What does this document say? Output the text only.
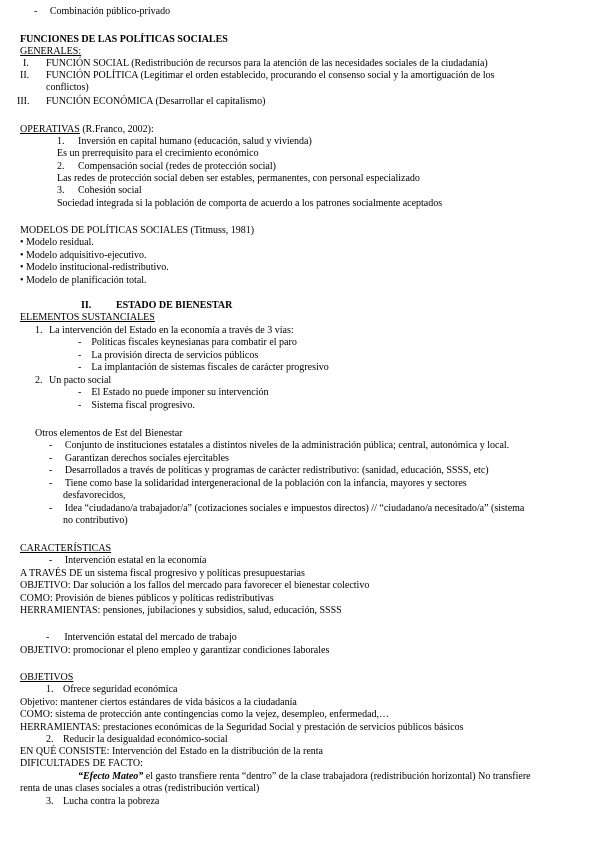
-     Combinación público-privado
FUNCIONES DE LAS POLÍTICAS SOCIALES
GENERALES:
I. FUNCIÓN SOCIAL (Redistribución de recursos para la atención de las necesidades sociales de la ciudadanía)
II. FUNCIÓN POLÍTICA (Legitimar el orden establecido, procurando el consenso social y la amortiguación de los
conflictos)
III. FUNCIÓN ECONÓMICA (Desarrollar el capitalismo)
OPERATIVAS (R.Franco, 2002):
1. Inversión en capital humano (educación, salud y vivienda)
Es un prerrequisito para el crecimiento económico
2. Compensación social (redes de protección social)
Las redes de protección social deben ser estables, permanentes, con personal especializado
3. Cohesión social
Sociedad integrada si la población de comporta de acuerdo a los patrones socialmente aceptados
MODELOS DE POLÍTICAS SOCIALES (Titmuss, 1981)
• Modelo residual.
• Modelo adquisitivo-ejecutivo.
• Modelo institucional-redistributivo.
• Modelo de planificación total.
II. ESTADO DE BIENESTAR
ELEMENTOS SUSTANCIALES
1. La intervención del Estado en la economía a través de 3 vías:
-    Políticas fiscales keynesianas para combatir el paro
-    La provisión directa de servicios públicos
-    La implantación de sistemas fiscales de carácter progresivo
2. Un pacto social
-    El Estado no puede imponer su intervención
-    Sistema fiscal progresivo.
Otros elementos de Est del Bienestar
-     Conjunto de instituciones estatales a distintos niveles de la administración pública; central, autonómica y local.
-     Garantizan derechos sociales ejercitables
-     Desarrollados a través de políticas y programas de carácter redistributivo: (sanidad, educación, SSSS, etc)
-     Tiene como base la solidaridad intergeneracional de la población con la infancia, mayores y sectores
desfavorecidos,
-     Idea “ciudadano/a trabajador/a” (cotizaciones sociales e impuestos directos) // “ciudadano/a necesitado/a” (sistema
no contributivo)
CARACTERÍSTICAS
-     Intervención estatal en la economía
A TRAVÉS DE un sistema fiscal progresivo y políticas presupuestarias
OBJETIVO: Dar solución a los fallos del mercado para favorecer el bienestar colectivo
COMO: Provisión de bienes públicos y políticas redistributivas
HERRAMIENTAS: pensiones, jubilaciones y subsidios, salud, educación, SSSS
-      Intervención estatal del mercado de trabajo
OBJETIVO: promocionar el pleno empleo y garantizar condiciones laborales
OBJETIVOS
1. Ofrece seguridad económica
Objetivo: mantener ciertos estándares de vida básicos a la ciudadanía
COMO: sistema de protección ante contingencias como la vejez, desempleo, enfermedad,…
HERRAMIENTAS: prestaciones económicas de la Seguridad Social y prestación de servicios públicos básicos
2. Reducir la desigualdad económico-social
EN QUÉ CONSISTE: Intervención del Estado en la distribución de la renta
DIFICULTADES DE FACTO:
“Efecto Mateo” el gasto transfiere renta “dentro” de la clase trabajadora (redistribución horizontal) No transfiere
renta de unas clases sociales a otras (redistribución vertical)
3. Lucha contra la pobreza
